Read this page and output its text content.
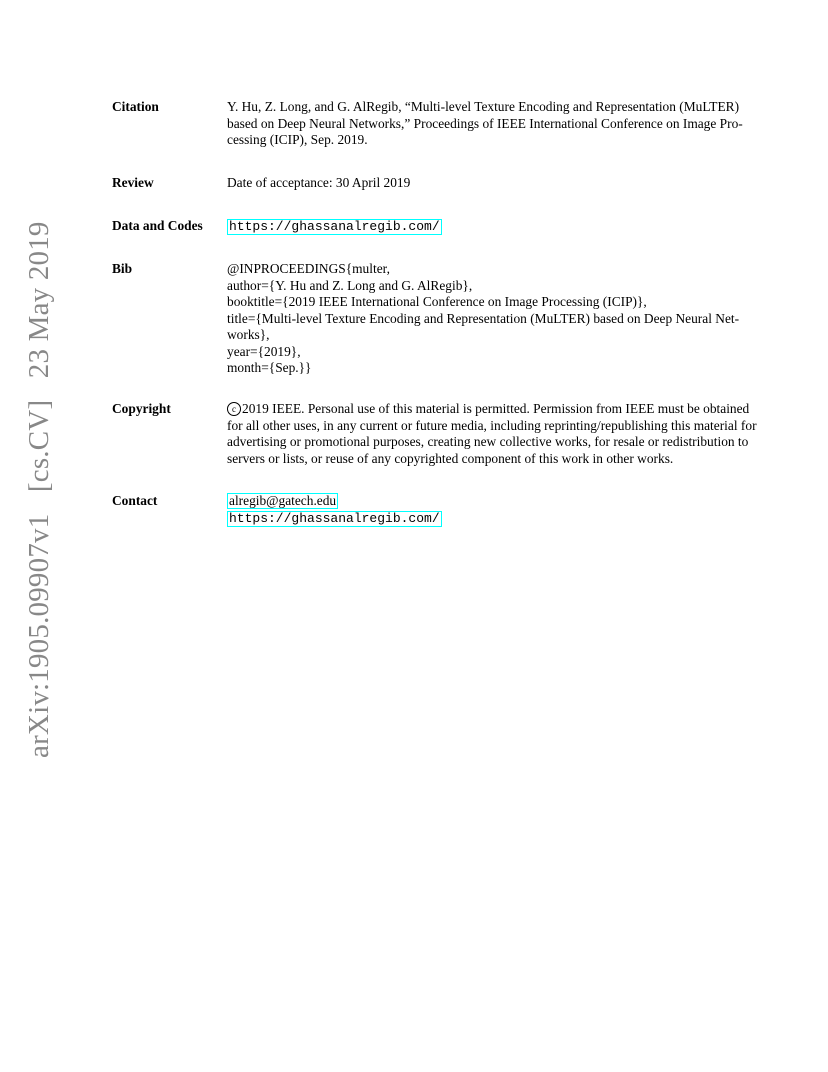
arXiv:1905.09907v1 [cs.CV] 23 May 2019
Citation	Y. Hu, Z. Long, and G. AlRegib, “Multi-level Texture Encoding and Representation (MuLTER)
based on Deep Neural Networks,” Proceedings of IEEE International Conference on Image Pro-
cessing (ICIP), Sep. 2019.
Review	Date of acceptance: 30 April 2019
Data and Codes https://ghassanalregib.com/
Bib	@INPROCEEDINGS{multer,
author={Y. Hu and Z. Long and G. AlRegib},
booktitle={2019 IEEE International Conference on Image Processing (ICIP)},
title={Multi-level Texture Encoding and Representation (MuLTER) based on Deep Neural Net-
works},
year={2019},
month={Sep.}}
Copyright	c 2019 IEEE. Personal use of this material is permitted. Permission from IEEE must be obtained
for all other uses, in any current or future media, including reprinting/republishing this material for
advertising or promotional purposes, creating new collective works, for resale or redistribution to
servers or lists, or reuse of any copyrighted component of this work in other works.
Contact	alregib@gatech.edu
https://ghassanalregib.com/
